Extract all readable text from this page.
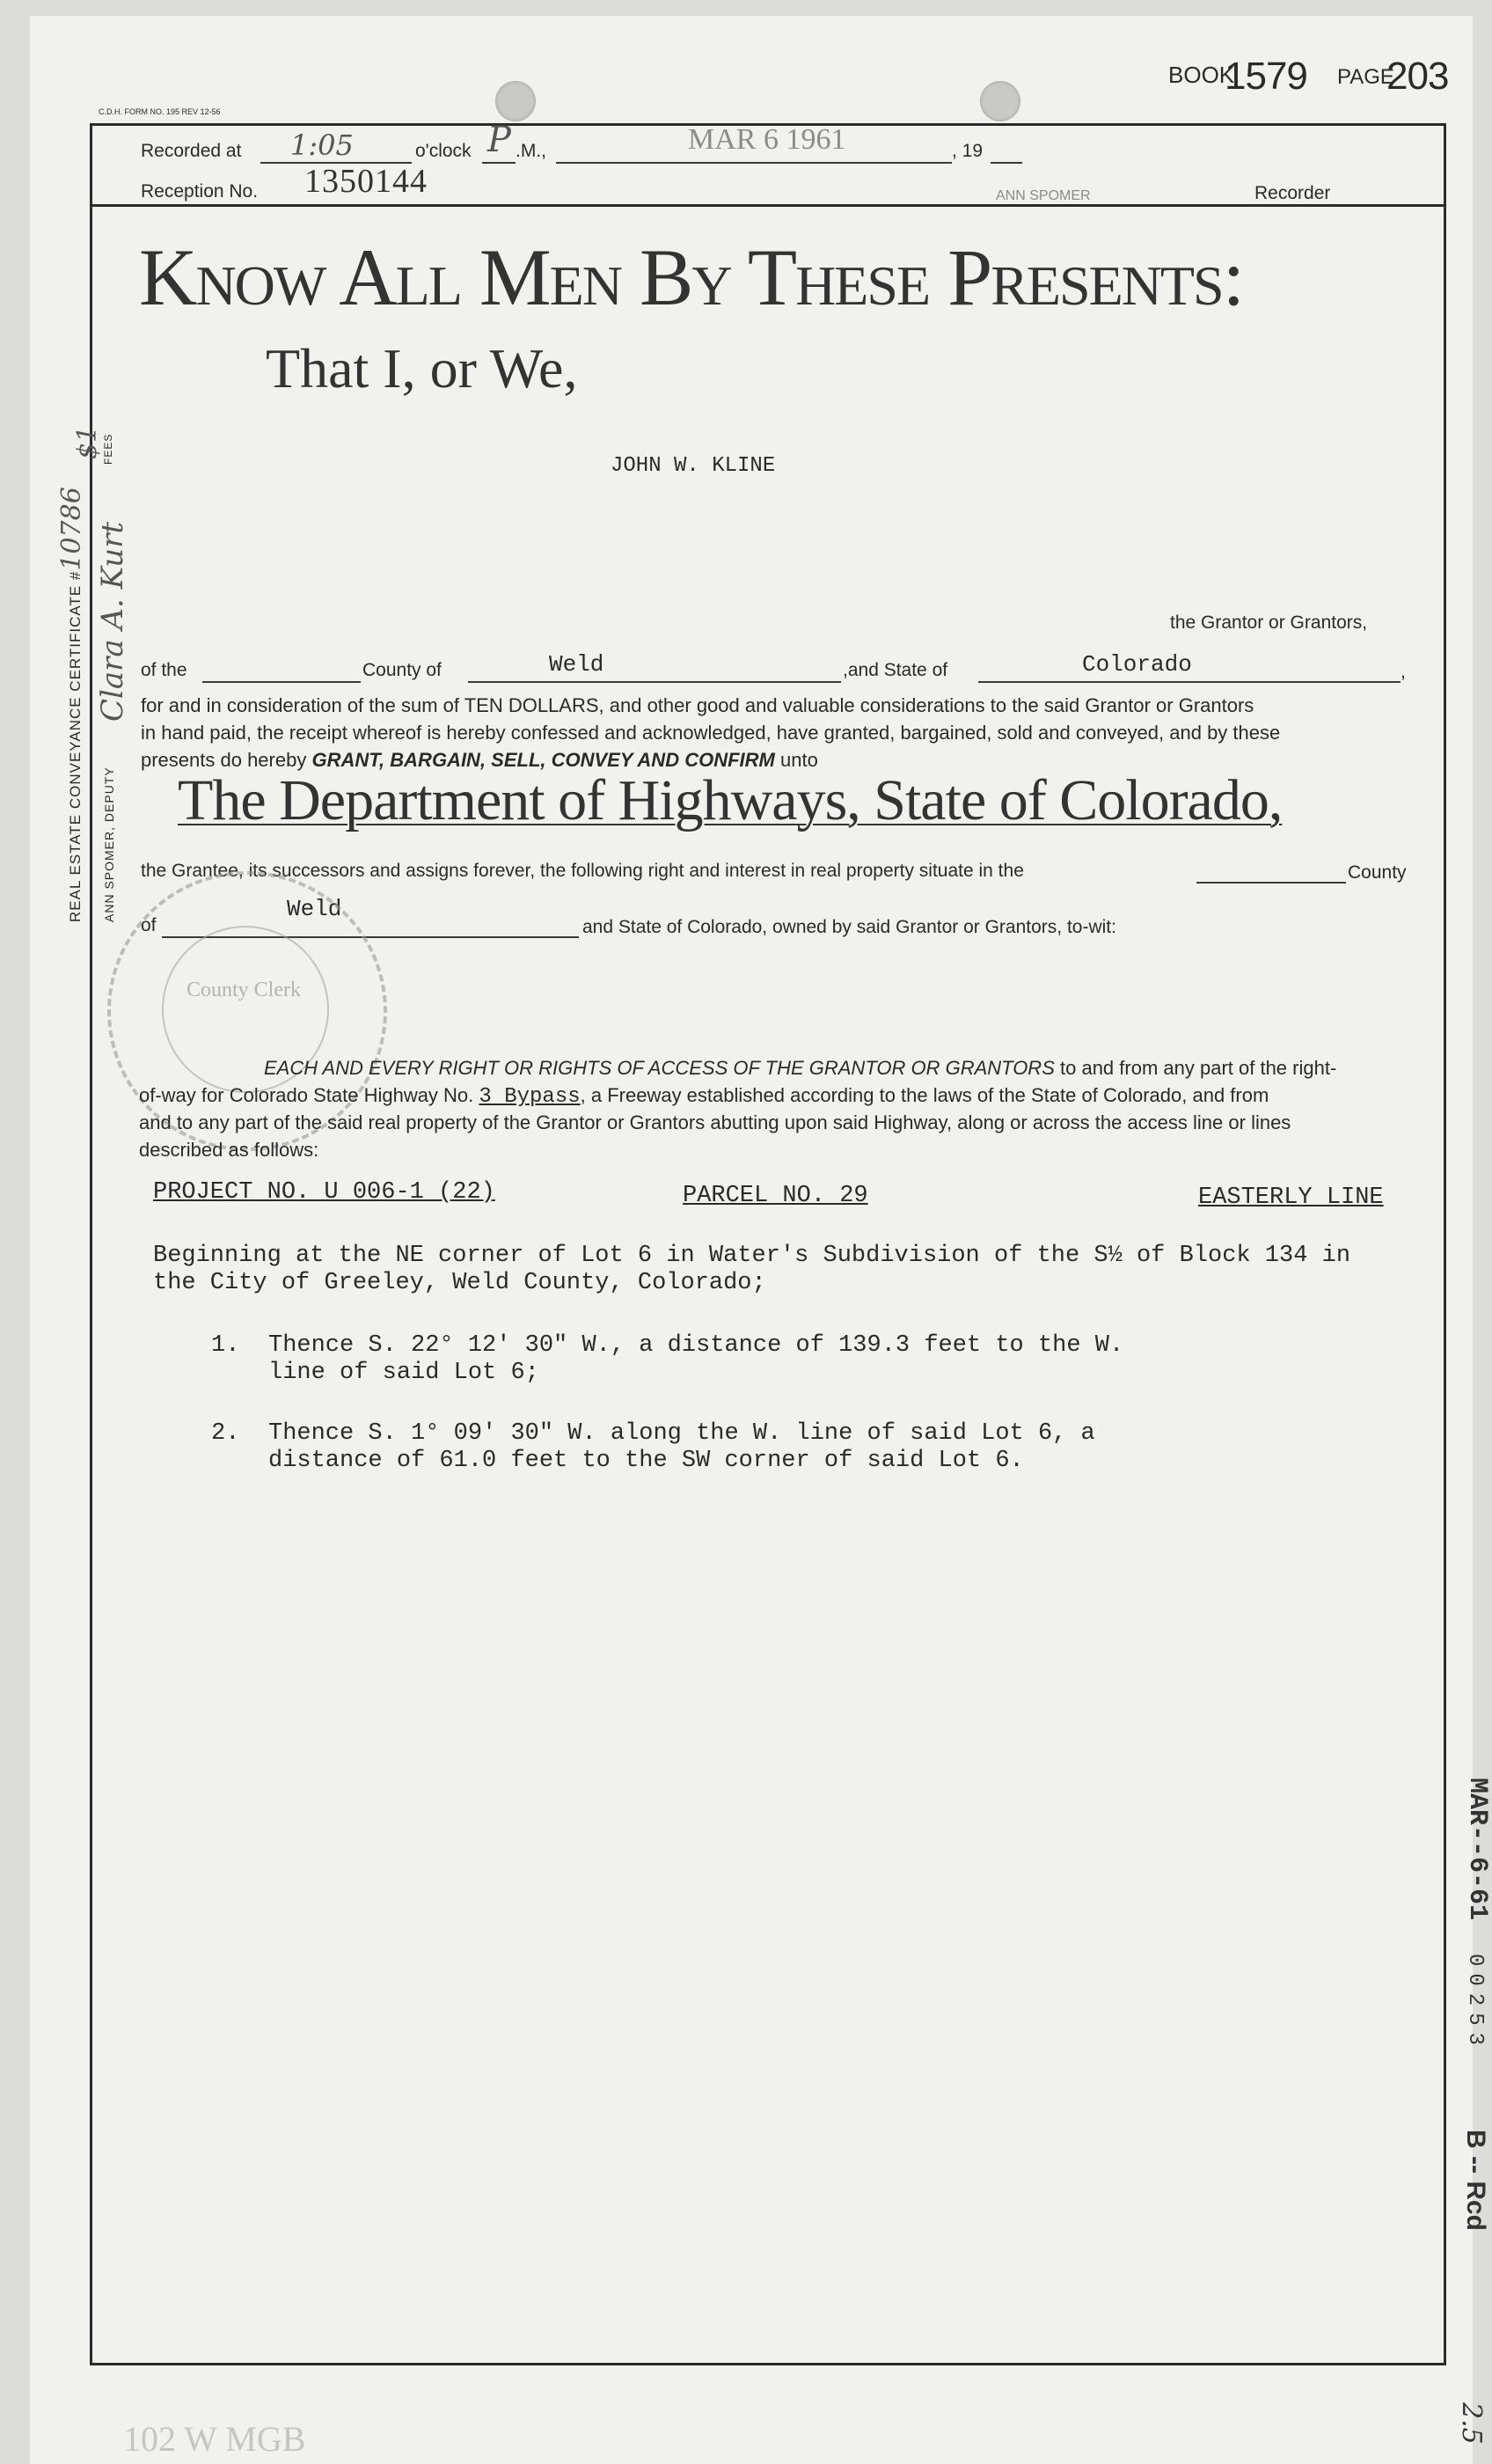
C.D.H. FORM NO. 195 REV 12-56
BOOK
1579 PAGE
203
Recorded at 1:05	o'clock P .M.,	MAR 6 1961	, 19
Reception No. 1350144	ANN SPOMER	Recorder
Know All Men By These Presents:
That I, or We,
JOHN W. KLINE
the Grantor or Grantors,
of the	County of	Weld	,and State of	Colorado	,
for and in consideration of the sum of TEN DOLLARS, and other good and valuable considerations to the said Grantor or Grantors
in hand paid, the receipt whereof is hereby confessed and acknowledged, have granted, bargained, sold and conveyed, and by these
presents do hereby GRANT, BARGAIN, SELL, CONVEY AND CONFIRM unto
The Department of Highways, State of Colorado,
the Grantee, its successors and assigns forever, the following right and interest in real property situate in the	County
of
Weld
and State of Colorado, owned by said Grantor or Grantors, to-wit:
County Clerk
EACH AND EVERY RIGHT OR RIGHTS OF ACCESS OF THE GRANTOR OR GRANTORS to and from any part of the right-
of-way for Colorado State Highway No. 3 Bypass, a Freeway established according to the laws of the State of Colorado, and from
and to any part of the said real property of the Grantor or Grantors abutting upon said Highway, along or across the access line or lines
described as follows:
PROJECT NO. U 006-1 (22)	PARCEL NO. 29	EASTERLY LINE
Beginning at the NE corner of Lot 6 in Water's Subdivision of the S½ of Block 134 in
the City of Greeley, Weld County, Colorado;
1. Thence S. 22° 12' 30" W., a distance of 139.3 feet to the W.
line of said Lot 6;
2. Thence S. 1° 09' 30" W. along the W. line of said Lot 6, a
distance of 61.0 feet to the SW corner of said Lot 6.
REAL ESTATE CONVEYANCE CERTIFICATE #10786
ANN SPOMER, DEPUTY
Clara A. Kurt
FEES
$1
MAR--6-61
00253
B -- Rcd
2.5
102 W MGB
